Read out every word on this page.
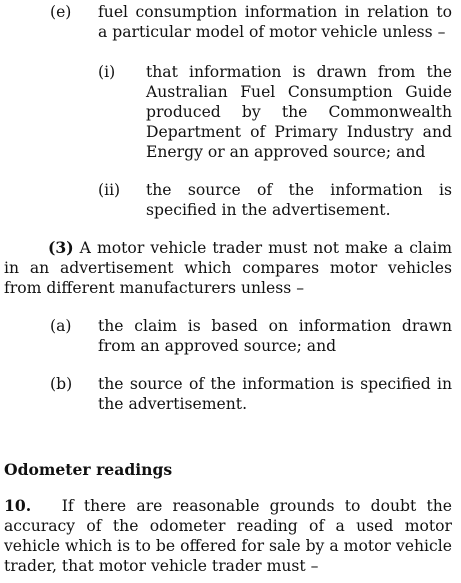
(e) fuel consumption information in relation to a particular model of motor vehicle unless –
(i) that information is drawn from the Australian Fuel Consumption Guide produced by the Commonwealth Department of Primary Industry and Energy or an approved source; and
(ii) the source of the information is specified in the advertisement.
(3) A motor vehicle trader must not make a claim in an advertisement which compares motor vehicles from different manufacturers unless –
(a) the claim is based on information drawn from an approved source; and
(b) the source of the information is specified in the advertisement.
Odometer readings
10. If there are reasonable grounds to doubt the accuracy of the odometer reading of a used motor vehicle which is to be offered for sale by a motor vehicle trader, that motor vehicle trader must –
